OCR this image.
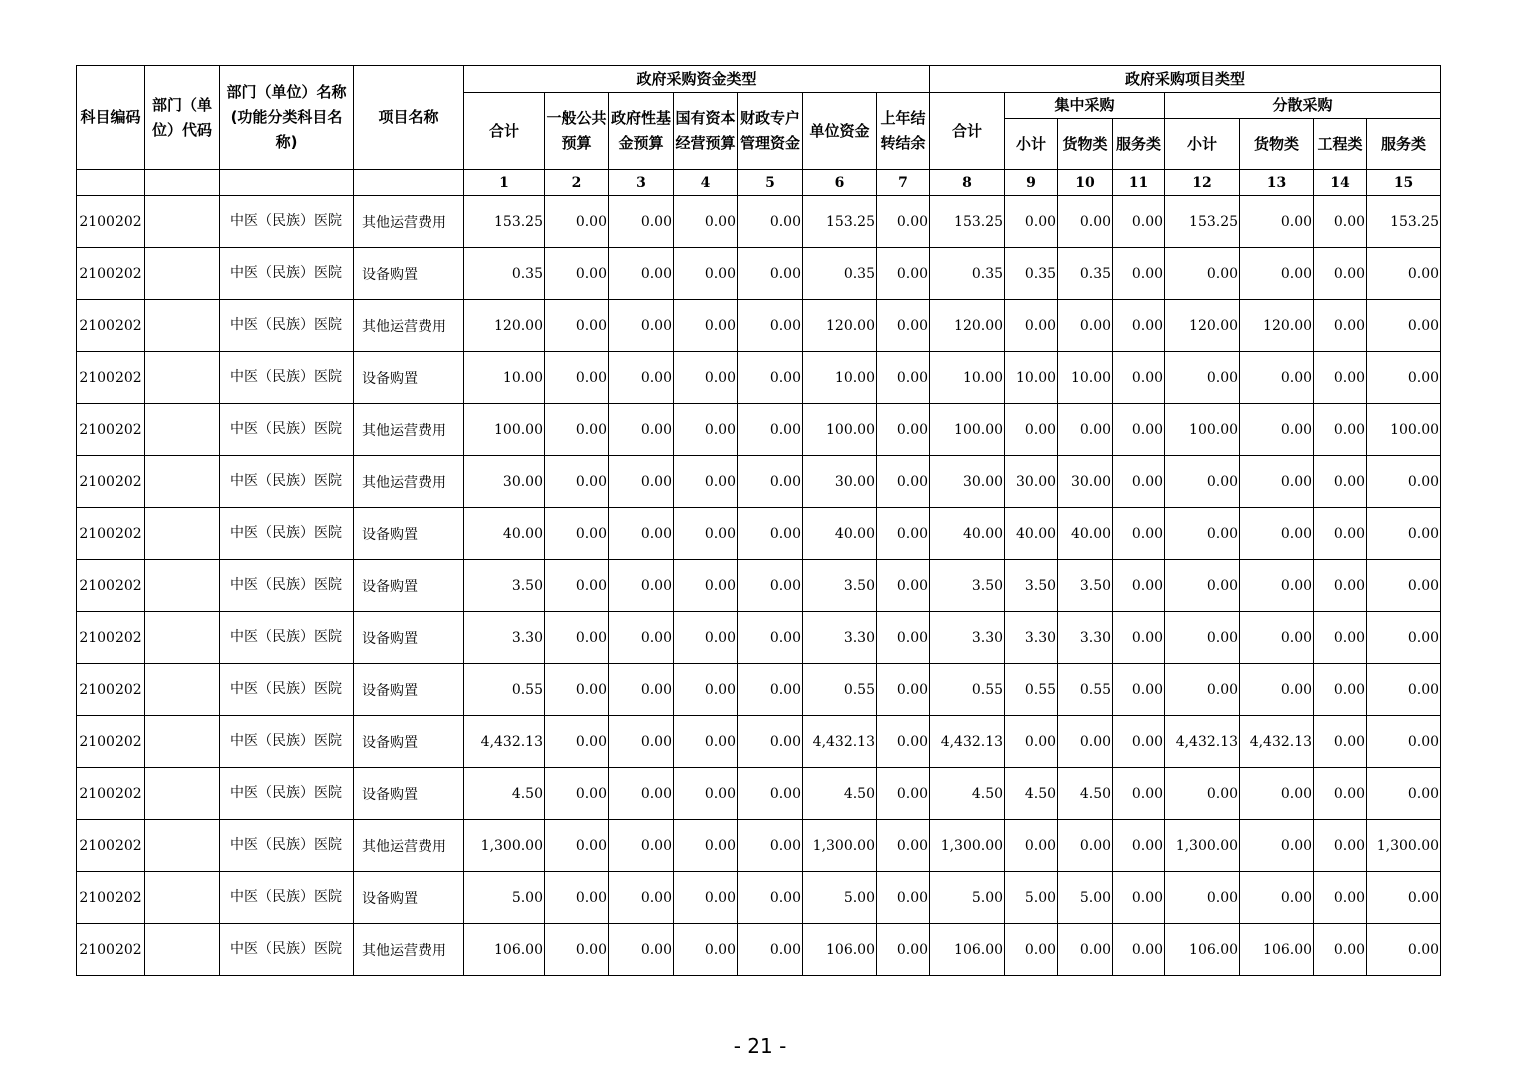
科目编码	部门（单位）代码	部门（单位）名称(功能分类科目名称)	项目名称	政府采购资金类型							政府采购项目类型							
				合计	一般公共预算	政府性基金预算	国有资本经营预算	财政专户管理资金	单位资金	上年结转结余	合计	集中采购			分散采购			
												小计	货物类	服务类	小计	货物类	工程类	服务类
				1	2	3	4	5	6	7	8	9	10	11	12	13	14	15
2100202		中医（民族）医院	其他运营费用	153.25	0.00	0.00	0.00	0.00	153.25	0.00	153.25	0.00	0.00	0.00	153.25	0.00	0.00	153.25
2100202		中医（民族）医院	设备购置	0.35	0.00	0.00	0.00	0.00	0.35	0.00	0.35	0.35	0.35	0.00	0.00	0.00	0.00	0.00
2100202		中医（民族）医院	其他运营费用	120.00	0.00	0.00	0.00	0.00	120.00	0.00	120.00	0.00	0.00	0.00	120.00	120.00	0.00	0.00
2100202		中医（民族）医院	设备购置	10.00	0.00	0.00	0.00	0.00	10.00	0.00	10.00	10.00	10.00	0.00	0.00	0.00	0.00	0.00
2100202		中医（民族）医院	其他运营费用	100.00	0.00	0.00	0.00	0.00	100.00	0.00	100.00	0.00	0.00	0.00	100.00	0.00	0.00	100.00
2100202		中医（民族）医院	其他运营费用	30.00	0.00	0.00	0.00	0.00	30.00	0.00	30.00	30.00	30.00	0.00	0.00	0.00	0.00	0.00
2100202		中医（民族）医院	设备购置	40.00	0.00	0.00	0.00	0.00	40.00	0.00	40.00	40.00	40.00	0.00	0.00	0.00	0.00	0.00
2100202		中医（民族）医院	设备购置	3.50	0.00	0.00	0.00	0.00	3.50	0.00	3.50	3.50	3.50	0.00	0.00	0.00	0.00	0.00
2100202		中医（民族）医院	设备购置	3.30	0.00	0.00	0.00	0.00	3.30	0.00	3.30	3.30	3.30	0.00	0.00	0.00	0.00	0.00
2100202		中医（民族）医院	设备购置	0.55	0.00	0.00	0.00	0.00	0.55	0.00	0.55	0.55	0.55	0.00	0.00	0.00	0.00	0.00
2100202		中医（民族）医院	设备购置	4,432.13	0.00	0.00	0.00	0.00	4,432.13	0.00	4,432.13	0.00	0.00	0.00	4,432.13	4,432.13	0.00	0.00
2100202		中医（民族）医院	设备购置	4.50	0.00	0.00	0.00	0.00	4.50	0.00	4.50	4.50	4.50	0.00	0.00	0.00	0.00	0.00
2100202		中医（民族）医院	其他运营费用	1,300.00	0.00	0.00	0.00	0.00	1,300.00	0.00	1,300.00	0.00	0.00	0.00	1,300.00	0.00	0.00	1,300.00
2100202		中医（民族）医院	设备购置	5.00	0.00	0.00	0.00	0.00	5.00	0.00	5.00	5.00	5.00	0.00	0.00	0.00	0.00	0.00
2100202		中医（民族）医院	其他运营费用	106.00	0.00	0.00	0.00	0.00	106.00	0.00	106.00	0.00	0.00	0.00	106.00	106.00	0.00	0.00
- 21 -
